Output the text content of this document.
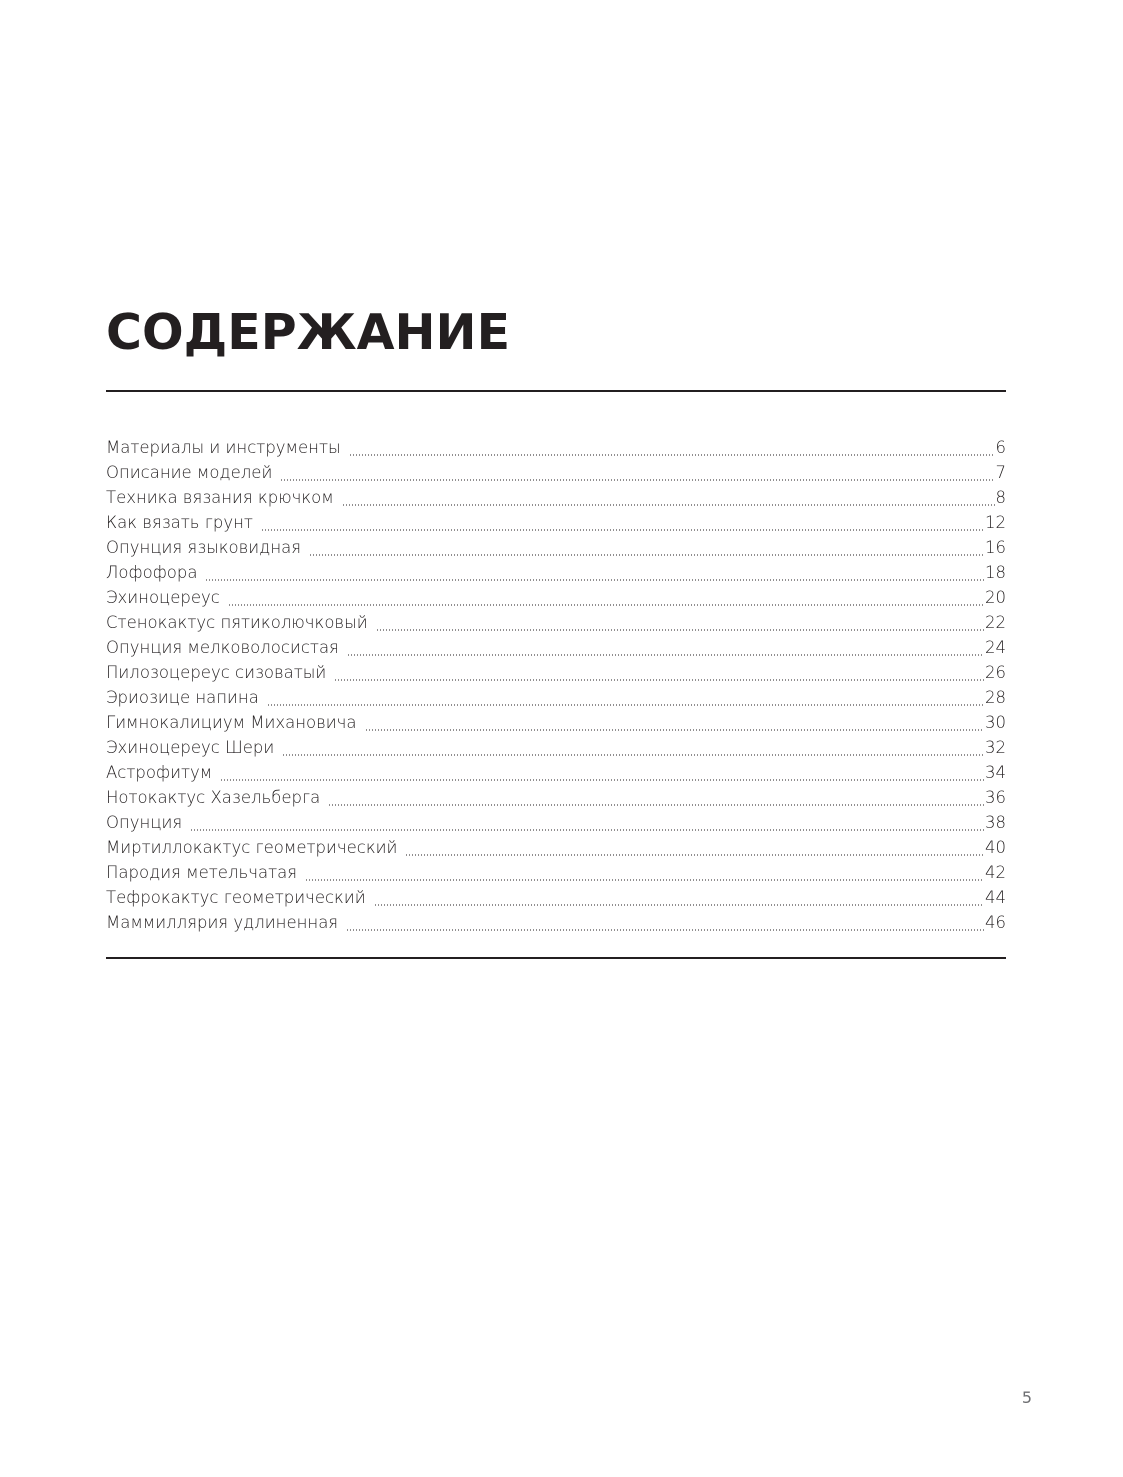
СОДЕРЖАНИЕ
Материалы и инструменты	6
Описание моделей	7
Техника вязания крючком	8
Как вязать грунт	12
Опунция языковидная	16
Лофофора	18
Эхиноцереус	20
Стенокактус пятиколючковый	22
Опунция мелковолосистая	24
Пилозоцереус сизоватый	26
Эриозице напина	28
Гимнокалициум Михановича	30
Эхиноцереус Шери	32
Астрофитум	34
Нотокактус Хазельберга	36
Опунция	38
Миртиллокактус геометрический	40
Пародия метельчатая	42
Тефрокактус геометрический	44
Маммиллярия удлиненная	46
5
